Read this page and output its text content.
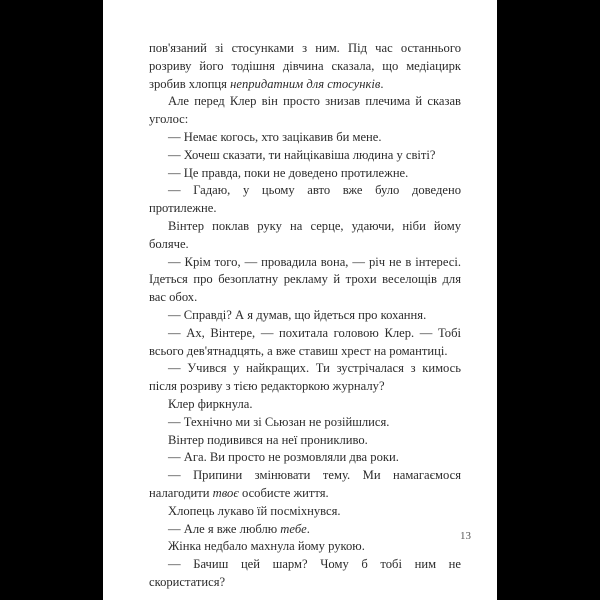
пов'язаний зі стосунками з ним. Під час останнього розриву його тодішня дівчина сказала, що медіацирк зробив хлопця непридатним для стосунків.

Але перед Клер він просто знизав плечима й сказав уголос:

— Немає когось, хто зацікавив би мене.

— Хочеш сказати, ти найцікавіша людина у світі?

— Це правда, поки не доведено протилежне.

— Гадаю, у цьому авто вже було доведено протилежне.

Вінтер поклав руку на серце, удаючи, ніби йому боляче.

— Крім того, — провадила вона, — річ не в інтересі. Ідеться про безоплатну рекламу й трохи веселощів для вас обох.

— Справді? А я думав, що йдеться про кохання.

— Ах, Вінтере, — похитала головою Клер. — Тобі всього дев'ятнадцять, а вже ставиш хрест на романтиці.

— Учився у найкращих. Ти зустрічалася з кимось після розриву з тією редакторкою журналу?

Клер фиркнула.

— Технічно ми зі Сьюзан не розійшлися.

Вінтер подивився на неї проникливо.

— Ага. Ви просто не розмовляли два роки.

— Припини змінювати тему. Ми намагаємося налагодити твоє особисте життя.

Хлопець лукаво їй посміхнувся.

— Але я вже люблю тебе.

Жінка недбало махнула йому рукою.

— Бачиш цей шарм? Чому б тобі ним не скористатися?

13
